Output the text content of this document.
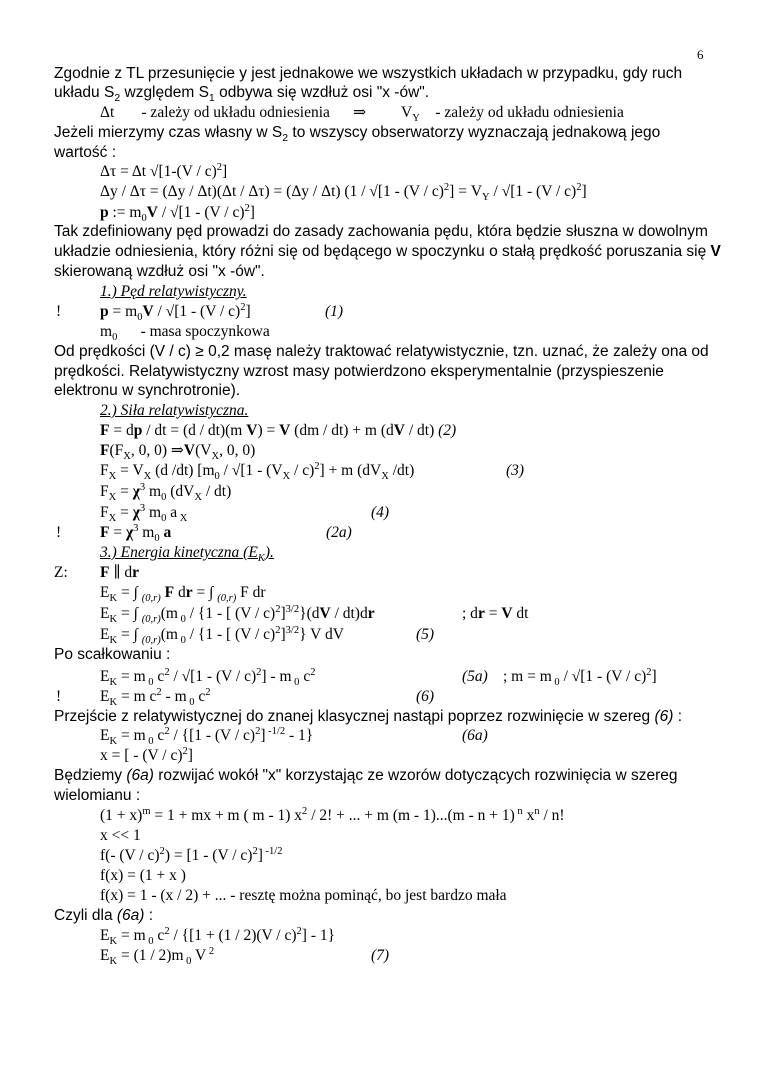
6
Zgodnie z TL przesunięcie y jest jednakowe we wszystkich układach w przypadku, gdy ruch
układu $S_2$ względem $S_1$ odbywa się wzdłuż osi "x -ów".
Δt       - zależy od układu odniesienia      ⇒         $V_Y$    - zależy od układu odniesienia
Jeżeli mierzymy czas własny w $S_2$ to wszyscy obserwatorzy wyznaczają jednakową jego
wartość :
Δτ = Δt √[1-(V / c)$^2$]
Δy / Δτ = (Δy / Δt)(Δt / Δτ) = (Δy / Δt) ($1 / √[1 - (V / c)^2] = V_Y / √[1 - (V / c)^2]$
p := $m_0V / √[1 - (V / c)^2]$
Tak zdefiniowany pęd prowadzi do zasady zachowania pędu, która będzie słuszna w dowolnym
układzie odniesienia, który różni się od będącego w spoczynku o stałą prędkość poruszania się V
skierowaną wzdłuż osi "x -ów".
1.) Pęd relatywistyczny.
!	$p = m_0V / √[1 - (V / c)^2]$	(1)
$m_0$      - masa spoczynkowa
Od prędkości (V / c) ≥ 0,2 masę należy traktować relatywistycznie, tzn. uznać, że zależy ona od
prędkości. Relatywistyczny wzrost masy potwierdzono eksperymentalnie (przyspieszenie
elektronu w synchrotronie).
2.) Siła relatywistyczna.
F = dp / dt = (d / dt)(m V) = V (dm / dt) + m (dV / dt) (2)
$F(F_X$, 0, 0) $\Rightarrow V(V_X$, 0, 0)
$F_X = V_X$ (d /dt) [$m_0 / √[1 - (V_X / c)^2] + m$ ($dV_X$ /dt)	(3)
$F_X = \chi^3$ $m_0$ $(dV_X / dt)$
$F_X = \chi^3$ $m_0$ a $_X$	(4)
!	$F = \chi^3$ $m_0$ a	(2a)
3.) Energia kinetyczna $(E_K)$.
Z: F ∥ dr
$E_K$ = ∫ $_{(0,r)}$ F dr = ∫ $_{(0,r)}$ F dr
$E_K$ = ∫ $_{(0,r)}$(m $_0$ / {1 - [ (V / c)$^2$]$^{3/2}$}(dV / dt)dr	; dr = V dt
$E_K$ = ∫ $_{(0,r)}$(m $_0$ / {1 - [ (V / c)$^2$]$^{3/2}$} V dV	(5)
Po scałkowaniu :
$E_K = m$ $_0$ $c^2 / √[1 - (V / c)^2]$ - m $_0$ $c^2$	(5a) ; m = m $_0$ / √[1 - (V / c)$^2$]
!	$E_K = m$ $c^2$ - m $_0$ $c^2$	(6)
Przejście z relatywistycznej do znanej klasycznej nastąpi poprzez rozwinięcie w szereg (6) :
$E_K = m$ $_0$ $c^2 / \{[1 - (V / c)^2]$ $^{-1/2}$ - 1}	(6a)
x = [ - (V / c)$^2$]
Będziemy (6a) rozwijać wokół "x" korzystając ze wzorów dotyczących rozwinięcia w szereg
wielomianu :
$(1 + x)^m = 1$ + mx + m ( m - 1) $x^2 / 2$! + ... + m (m - 1)...(m - n + 1) $^n$ $x^n$ / n!
x << 1
f(- (V / c)$^2$) = [1 - (V / c)$^2$] $^{-1/2}$
f(x) = (1 + x )
f(x) = 1 - (x / 2) + ... - resztę można pominąć, bo jest bardzo mała
Czyli dla (6a) :
$E_K = m$ $_0$ $c^2 / \{[1 + (1 / 2)(V / c)^2] - 1\}$
$E_K = (1 / 2)m$ $_0$ V $^2$	(7)
